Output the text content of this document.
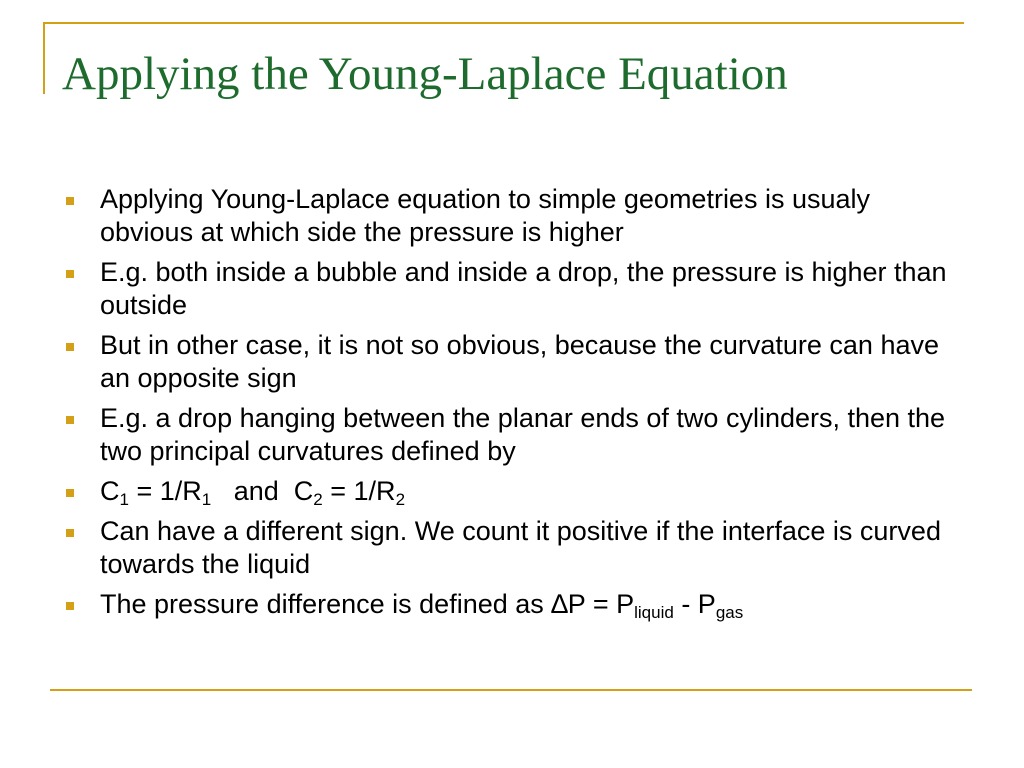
Applying the Young-Laplace Equation
Applying Young-Laplace equation to simple geometries is usualy obvious at which side the pressure is higher
E.g. both inside a bubble and inside a drop, the pressure is higher than outside
But in other case, it is not so obvious, because the curvature can have an opposite sign
E.g. a drop hanging between the planar ends of two cylinders, then the two principal curvatures defined by
$C_1 = 1/R_1$   and  $C_2 = 1/R_2$
Can have a different sign. We count it positive if the interface is curved towards the liquid
The pressure difference is defined as $\Delta P = P_{liquid} - P_{gas}$
